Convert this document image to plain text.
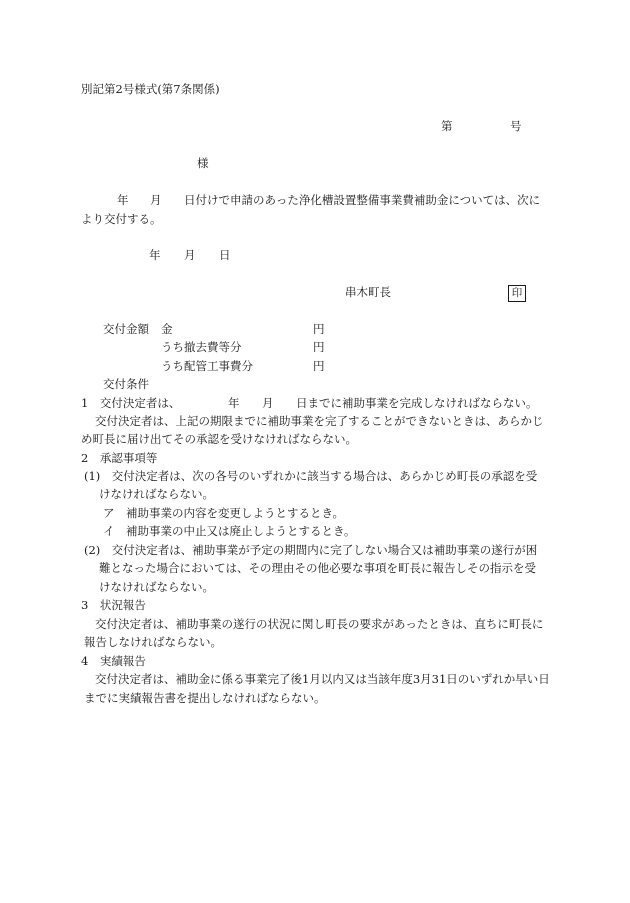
別記第2号様式(第7条関係)
第	号
様
年 月 日付けで申請のあった浄化槽設置整備事業費補助金については、次に
より交付する。
年 月 日
串木町長	印
交付金額 金	円
うち撤去費等分	円
うち配管工事費分	円
交付条件
1　交付決定者は、	年 月 日までに補助事業を完成しなければならない。
交付決定者は、上記の期限までに補助事業を完了することができないときは、あらかじ
め町長に届け出てその承認を受けなければならない。
2　承認事項等
(1)　交付決定者は、次の各号のいずれかに該当する場合は、あらかじめ町長の承認を受
けなければならない。
ア　補助事業の内容を変更しようとするとき。
イ　補助事業の中止又は廃止しようとするとき。
(2)　交付決定者は、補助事業が予定の期間内に完了しない場合又は補助事業の遂行が困
難となった場合においては、その理由その他必要な事項を町長に報告しその指示を受
けなければならない。
3　状況報告
交付決定者は、補助事業の遂行の状況に関し町長の要求があったときは、直ちに町長に
報告しなければならない。
4　実績報告
交付決定者は、補助金に係る事業完了後1月以内又は当該年度3月31日のいずれか早い日
までに実績報告書を提出しなければならない。
